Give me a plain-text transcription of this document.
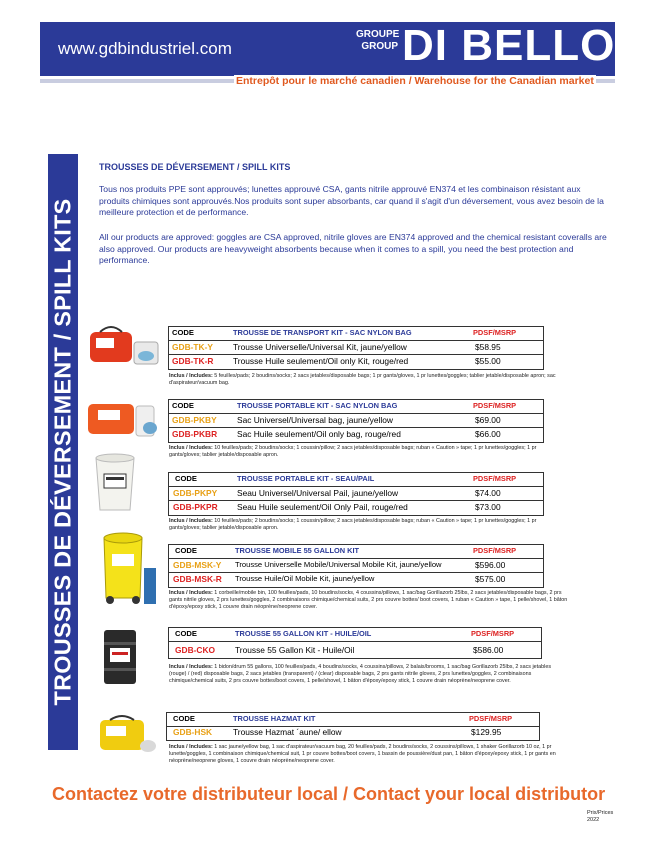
www.gdbindustriel.com
GROUPE
GROUP DI BELLO
Entrepôt pour le marché canadien / Warehouse for the Canadian market
TROUSSES DE DÉVERSEMENT / SPILL KITS
TROUSSES DE DÉVERSEMENT / SPILL KITS

Tous nos produits PPE sont approuvés; lunettes approuvé CSA, gants nitrile approuvé EN374 et les combinaison résistant aux produits chimiques sont approuvés.Nos produits sont super absorbants, car quand il s'agit d'un déversement, vous avez besoin de la meilleure protection et de performance.

All our products are approved: goggles are CSA approved, nitrile gloves are EN374 approved and the chemical resistant coveralls are also approved. Our products are heavyweight absorbents because when it comes to a spill, you need the best protection and performance.

CODE	TROUSSE DE TRANSPORT KIT - SAC NYLON BAG	PDSF/MSRP
GDB-TK-Y Trousse Universelle/Universal Kit, jaune/yellow	$58.95
GDB-TK-R Trousse Huile seulement/Oil only Kit, rouge/red	$55.00

Inclus / Includes: 5 feuilles/pads; 2 boudins/socks; 2 sacs jetables/disposable bags; 1 pr gants/gloves, 1 pr lunettes/goggles; tablier jetable/disposable apron; sac d'aspirateur/vacuum bag.

CODE	TROUSSE PORTABLE KIT - SAC NYLON BAG	PDSF/MSRP
GDB-PKBY Sac Universel/Universal bag, jaune/yellow	$69.00
GDB-PKBR Sac Huile seulement/Oil only bag, rouge/red	$66.00

Inclus / Includes: 10 feuilles/pads; 2 boudins/socks; 1 coussin/pillow; 2 sacs jetables/disposable bags; ruban « Caution » tape; 1 pr lunettes/goggles; 1 pr gants/gloves; tablier jetable/disposable apron.

CODE	TROUSSE PORTABLE KIT - SEAU/PAIL	PDSF/MSRP
GDB-PKPY Seau Universel/Universal Pail, jaune/yellow	$74.00
GDB-PKPR Seau Huile seulement/Oil Only Pail, rouge/red	$73.00

Inclus / Includes: 10 feuilles/pads; 2 boudins/socks; 1 coussin/pillow; 2 sacs jetables/disposable bags; ruban « Caution » tape; 1 pr lunettes/goggles; 1 pr gants/gloves; tablier jetable/disposable apron.

CODE	TROUSSE MOBILE 55 GALLON KIT	PDSF/MSRP
GDB-MSK-Y Trousse Universelle Mobile/Universal Mobile Kit, jaune/yellow	$596.00
GDB-MSK-R Trousse Huile/Oil Mobile Kit, jaune/yellow	$575.00

Inclus / Includes: 1 corbeille/mobile bin, 100 feuilles/pads, 10 boudins/socks, 4 coussins/pillows, 1 sac/bag Gorillazorb 25lbs, 2 sacs jetables/disposable bags, 2 prs gants nitrile gloves, 2 prs lunettes/goggles, 2 combinaisons chimique/chemical suits, 2 prs couvre bottes/ boot covers, 1 ruban « Caution » tape, 1 pelle/shovel, 1 bâton d'époxy/epoxy stick, 1 couvre drain néoprène/neoprene cover.

CODE	TROUSSE 55 GALLON KIT - HUILE/OIL	PDSF/MSRP
GDB-CKO Trousse 55 Gallon Kit - Huile/Oil	$586.00

Inclus / Includes: 1 bidon/drum 55 gallons, 100 feuilles/pads, 4 boudins/socks, 4 coussins/pillows, 2 balais/brooms, 1 sac/bag Gorillazorb 25lbs, 2 sacs jetables (rouge) / (red) disposable bags, 2 sacs jetables (transparent) / (clear) disposable bags, 2 prs gants nitrile gloves, 2 prs lunettes/goggles, 2 combinaisons chimique/chemical suits, 2 prs couvre bottes/boot covers, 1 pelle/shovel, 1 bâton d'époxy/epoxy stick, 1 couvre drain néoprène/neoprene cover.

CODE	TROUSSE HAZMAT KIT	PDSF/MSRP
GDB-HSK Trousse Hazmat ´aune/ ellow	$129.95

Inclus / Includes: 1 sac jaune/yellow bag, 1 sac d'aspirateur/vacuum bag, 20 feuilles/pads, 2 boudins/socks, 2 coussins/pillows, 1 shaker Gorillazorb 10 oz, 1 pr lunette/goggles, 1 combinaison chimique/chemical suit, 1 pr couvre bottes/boot covers, 1 bassin de poussière/dust pan, 1 bâton d'époxy/epoxy stick, 1 pr gants en néoprène/neoprene gloves, 1 couvre drain néoprène/neoprene cover.

Contactez votre distributeur local / Contact your local distributor
Prix/Prices
2022
